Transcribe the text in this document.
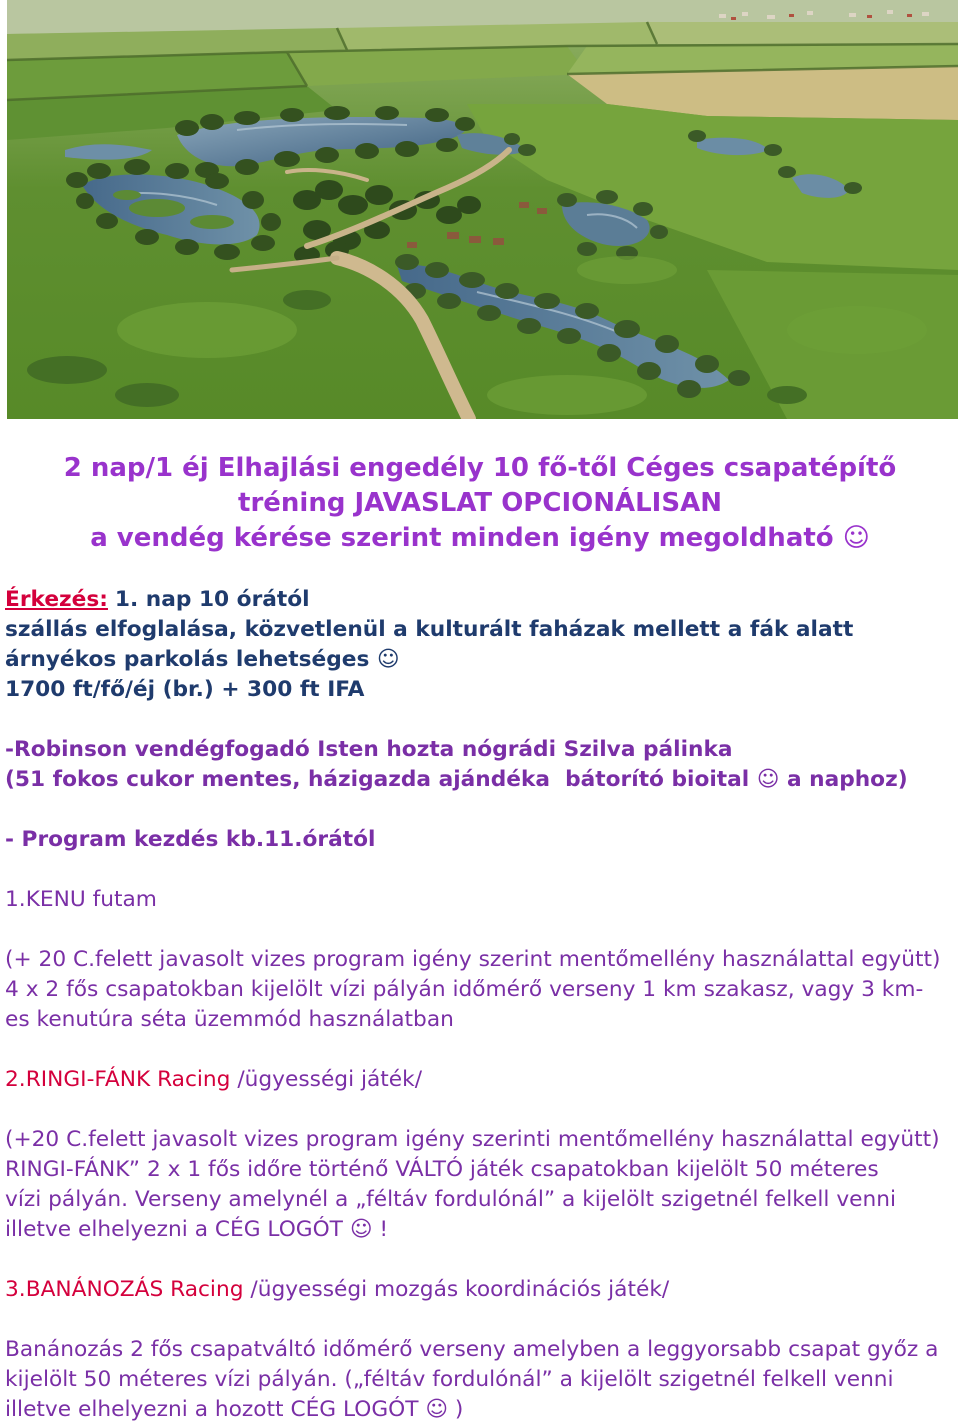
2 nap/1 éj Elhajlási engedély 10 fő-től Céges csapatépítő
tréning JAVASLAT OPCIONÁLISAN
a vendég kérése szerint minden igény megoldható ☺
Érkezés: 1. nap 10 órától
szállás elfoglalása, közvetlenül a kulturált faházak mellett a fák alatt
árnyékos parkolás lehetséges ☺
1700 ft/fő/éj (br.) + 300 ft IFA
-Robinson vendégfogadó Isten hozta nógrádi Szilva pálinka
(51 fokos cukor mentes, házigazda ajándéka  bátorító bioital ☺ a naphoz)
- Program kezdés kb.11.órától
1.KENU futam
(+ 20 C.felett javasolt vizes program igény szerint mentőmellény használattal együtt)
4 x 2 fős csapatokban kijelölt vízi pályán időmérő verseny 1 km szakasz, vagy 3 km-
es kenutúra séta üzemmód használatban
2.RINGI-FÁNK Racing /ügyességi játék/
(+20 C.felett javasolt vizes program igény szerinti mentőmellény használattal együtt)
RINGI-FÁNK” 2 x 1 fős időre történő VÁLTÓ játék csapatokban kijelölt 50 méteres
vízi pályán. Verseny amelynél a „féltáv fordulónál” a kijelölt szigetnél felkell venni
illetve elhelyezni a CÉG LOGÓT ☺ !
3.BANÁNOZÁS Racing /ügyességi mozgás koordinációs játék/
Banánozás 2 fős csapatváltó időmérő verseny amelyben a leggyorsabb csapat győz a
kijelölt 50 méteres vízi pályán. („féltáv fordulónál” a kijelölt szigetnél felkell venni
illetve elhelyezni a hozott CÉG LOGÓT ☺ )
